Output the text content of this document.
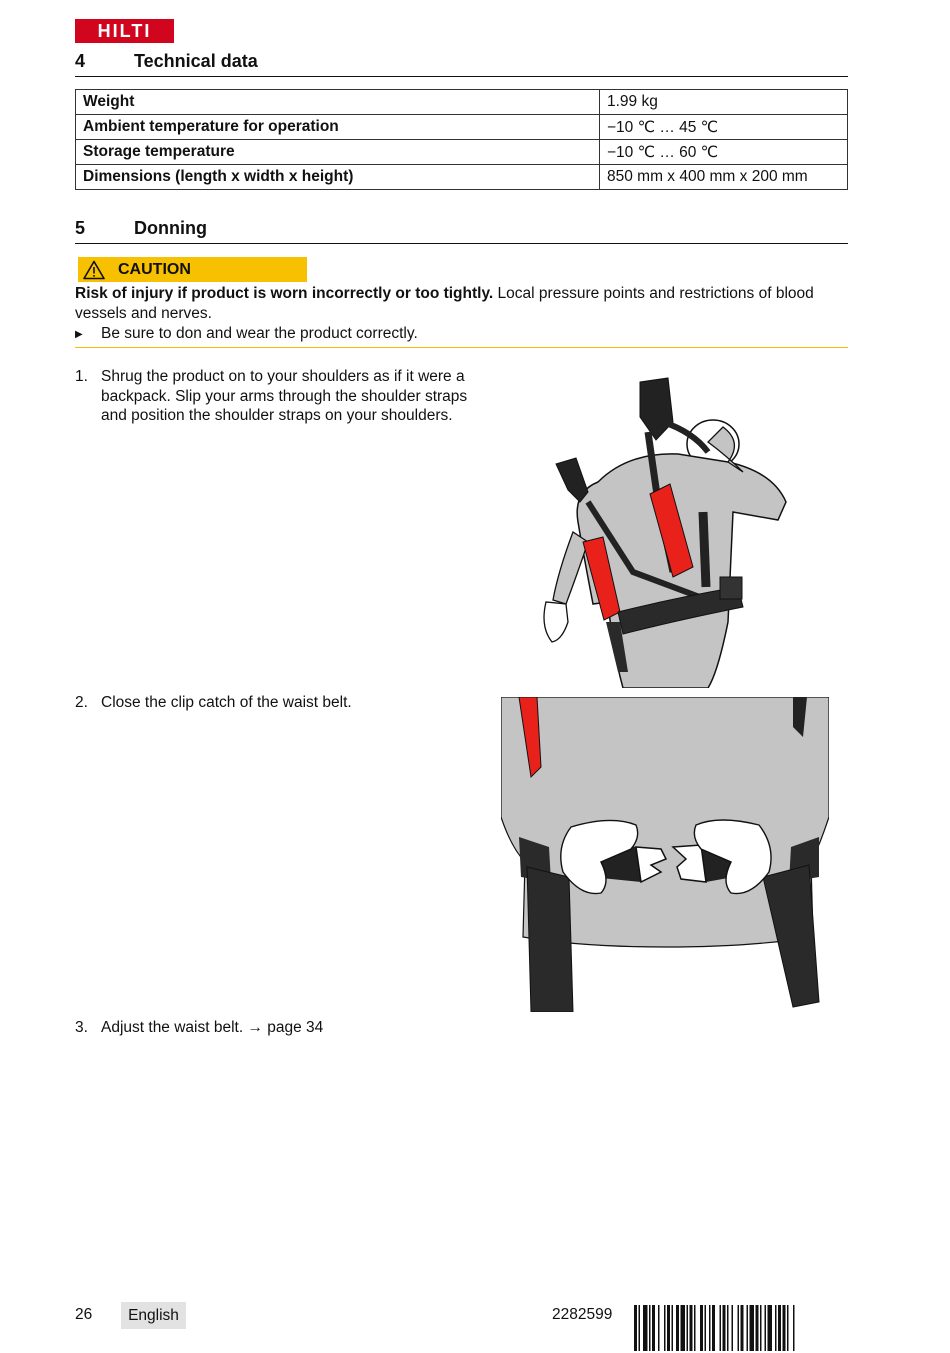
HILTI
4	Technical data
Weight	1.99 kg
Ambient temperature for operation	−10 ℃ … 45 ℃
Storage temperature	−10 ℃ … 60 ℃
Dimensions (length x width x height)	850 mm x 400 mm x 200 mm
5	Donning
CAUTION
Risk of injury if product is worn incorrectly or too tightly. Local pressure points and restrictions of blood vessels and nerves.
▶ Be sure to don and wear the product correctly.
1. Shrug the product on to your shoulders as if it were a backpack. Slip your arms through the shoulder straps and position the shoulder straps on your shoulders.
2. Close the clip catch of the waist belt.
3. Adjust the waist belt. → page 34
26 English	2282599
